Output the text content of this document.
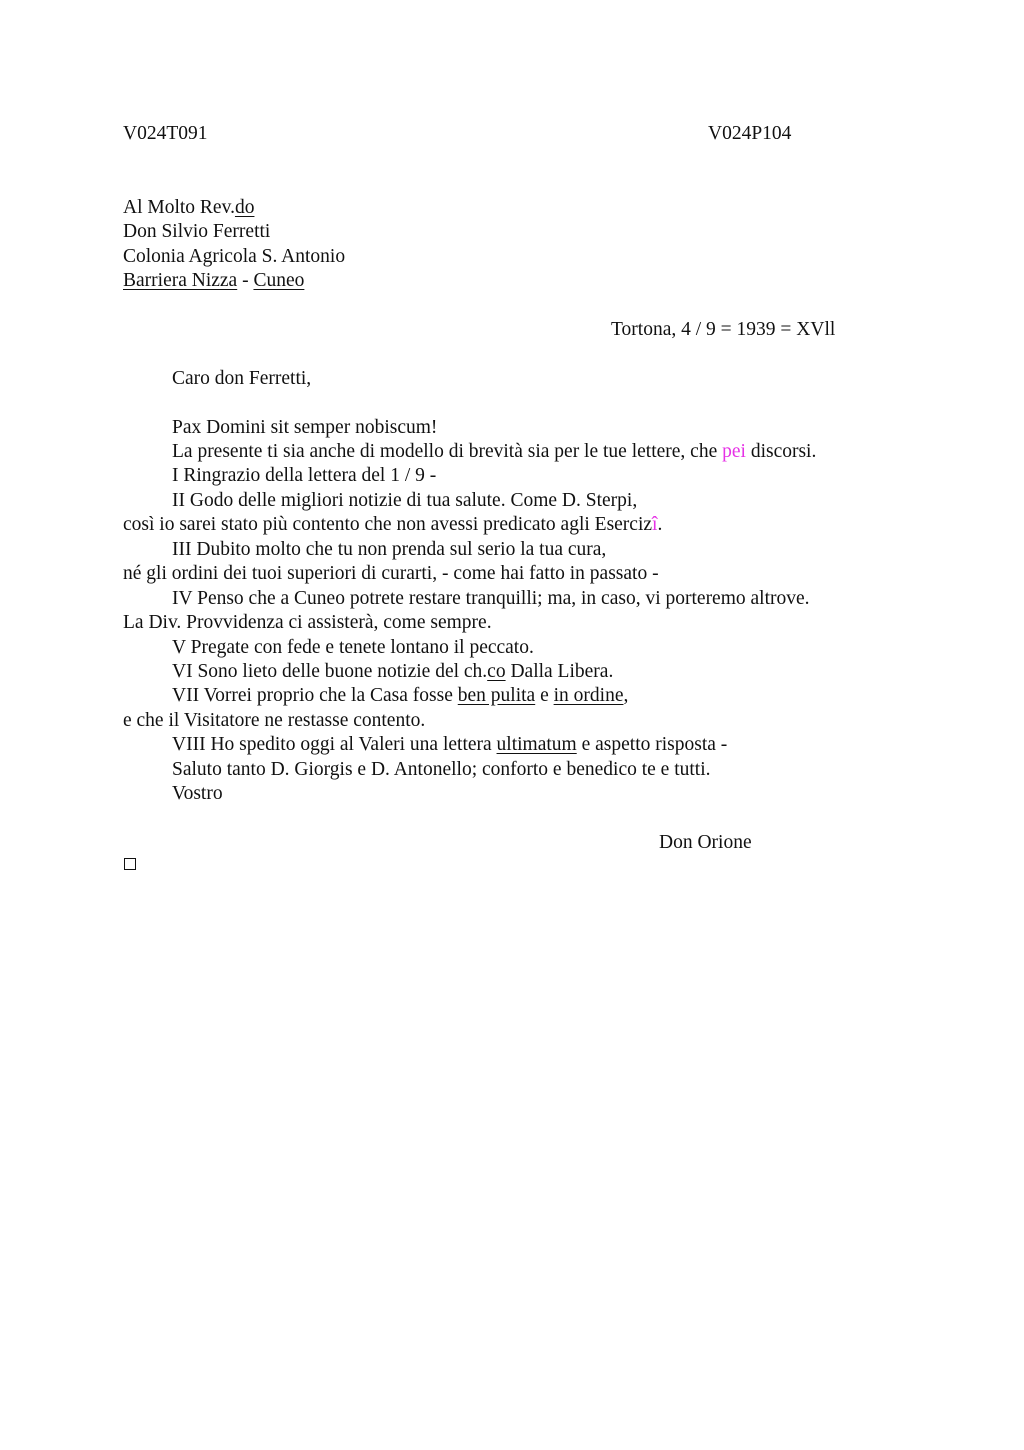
V024T091	V024P104
Al Molto Rev.do
Don Silvio Ferretti
Colonia Agricola S. Antonio
Barriera Nizza - Cuneo
Tortona, 4 / 9 = 1939 = XVll
Caro don Ferretti,
Pax Domini sit semper nobiscum!
La presente ti sia anche di modello di brevità sia per le tue lettere, che pei discorsi.
I Ringrazio della lettera del 1 / 9 -
II Godo delle migliori notizie di tua salute. Come D. Sterpi,
così io sarei stato più contento che non avessi predicato agli Esercizî.
III Dubito molto che tu non prenda sul serio la tua cura,
né gli ordini dei tuoi superiori di curarti, - come hai fatto in passato -
IV Penso che a Cuneo potrete restare tranquilli; ma, in caso, vi porteremo altrove.
La Div. Provvidenza ci assisterà, come sempre.
V Pregate con fede e tenete lontano il peccato.
VI Sono lieto delle buone notizie del ch.co Dalla Libera.
VII Vorrei proprio che la Casa fosse ben pulita e in ordine,
e che il Visitatore ne restasse contento.
VIII Ho spedito oggi al Valeri una lettera ultimatum e aspetto risposta -
Saluto tanto D. Giorgis e D. Antonello; conforto e benedico te e tutti.
Vostro
Don Orione
